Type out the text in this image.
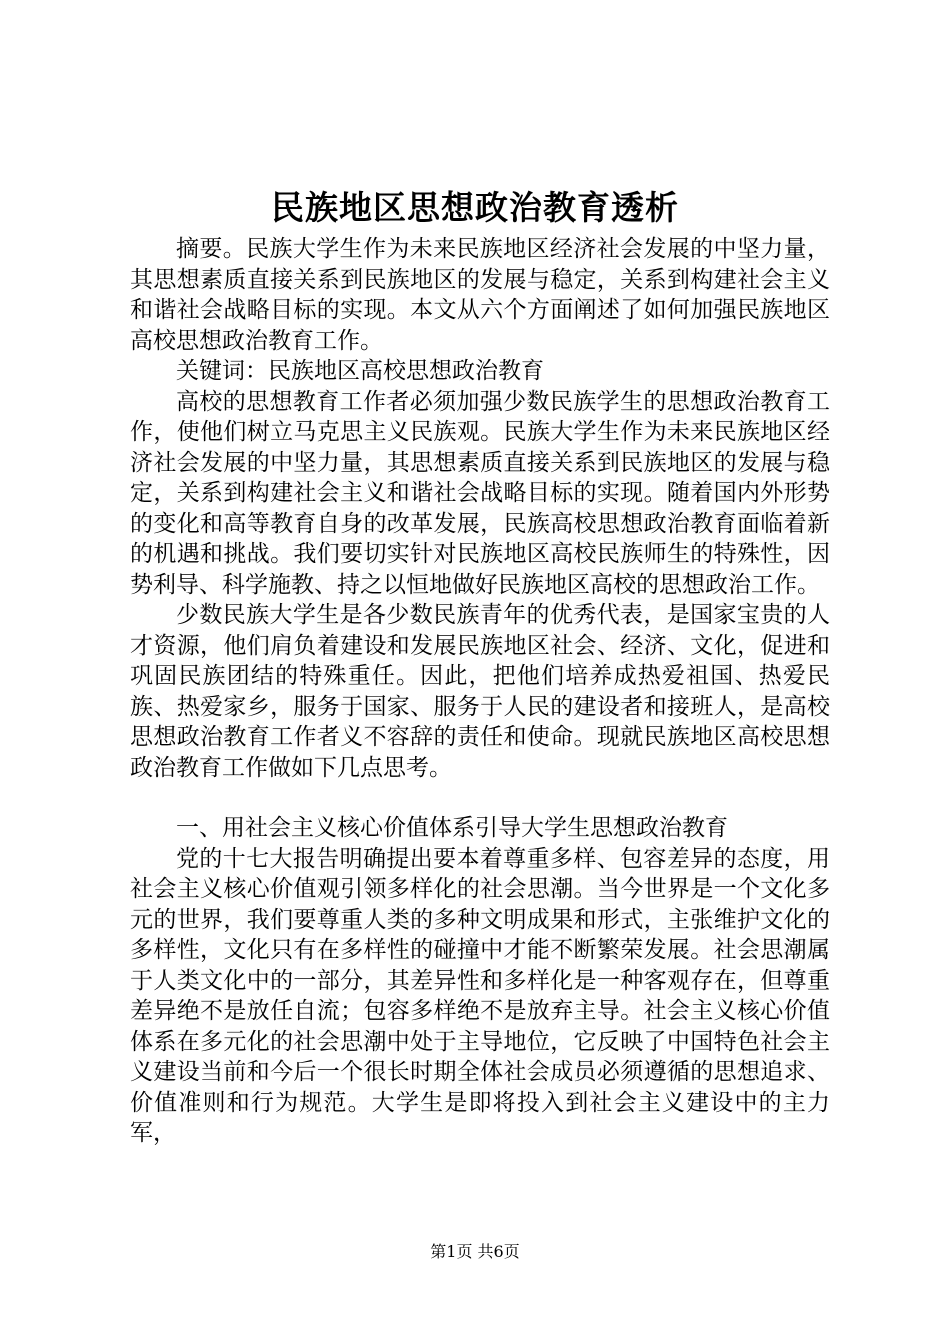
民族地区思想政治教育透析

摘要。民族大学生作为未来民族地区经济社会发展的中坚力量，其思想素质直接关系到民族地区的发展与稳定，关系到构建社会主义和谐社会战略目标的实现。本文从六个方面阐述了如何加强民族地区高校思想政治教育工作。

关键词：民族地区高校思想政治教育

高校的思想教育工作者必须加强少数民族学生的思想政治教育工作，使他们树立马克思主义民族观。民族大学生作为未来民族地区经济社会发展的中坚力量，其思想素质直接关系到民族地区的发展与稳定，关系到构建社会主义和谐社会战略目标的实现。随着国内外形势的变化和高等教育自身的改革发展，民族高校思想政治教育面临着新的机遇和挑战。我们要切实针对民族地区高校民族师生的特殊性，因势利导、科学施教、持之以恒地做好民族地区高校的思想政治工作。

少数民族大学生是各少数民族青年的优秀代表，是国家宝贵的人才资源，他们肩负着建设和发展民族地区社会、经济、文化，促进和巩固民族团结的特殊重任。因此，把他们培养成热爱祖国、热爱民族、热爱家乡，服务于国家、服务于人民的建设者和接班人，是高校思想政治教育工作者义不容辞的责任和使命。现就民族地区高校思想政治教育工作做如下几点思考。

一、用社会主义核心价值体系引导大学生思想政治教育

党的十七大报告明确提出要本着尊重多样、包容差异的态度，用社会主义核心价值观引领多样化的社会思潮。当今世界是一个文化多元的世界，我们要尊重人类的多种文明成果和形式，主张维护文化的多样性，文化只有在多样性的碰撞中才能不断繁荣发展。社会思潮属于人类文化中的一部分，其差异性和多样化是一种客观存在，但尊重差异绝不是放任自流；包容多样绝不是放弃主导。社会主义核心价值体系在多元化的社会思潮中处于主导地位，它反映了中国特色社会主义建设当前和今后一个很长时期全体社会成员必须遵循的思想追求、价值准则和行为规范。大学生是即将投入到社会主义建设中的主力军，

第1页 共6页
